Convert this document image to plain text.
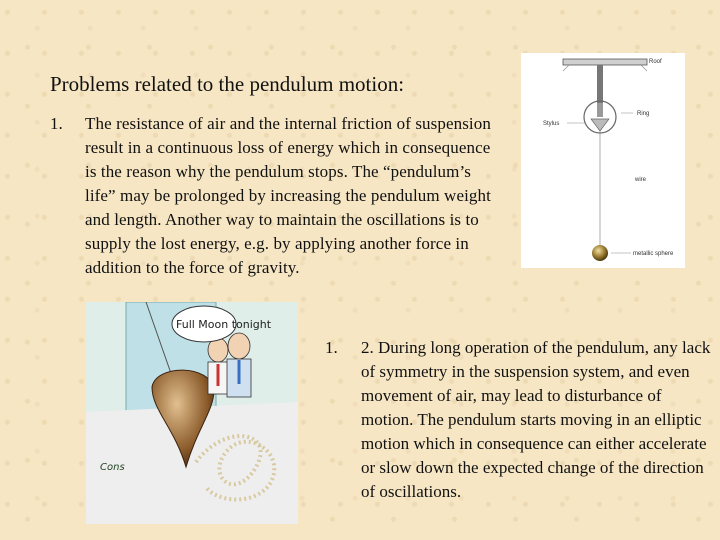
Problems related to the pendulum motion:
1. The resistance of air and the internal friction of suspension result in a continuous loss of energy which in consequence is the reason why the pendulum stops. The “pendulum’s life” may be prolonged by increasing the pendulum weight and length. Another way to maintain the oscillations is to supply the lost energy, e.g. by applying another force in addition to the force of gravity.
Roof
Ring
Stylus
wire
metallic sphere
Full Moon tonight
Cons
1. 2. During long operation of the pendulum, any lack of symmetry in the suspension system, and even movement of air, may lead to disturbance of motion. The pendulum starts moving in an elliptic motion which in consequence can either accelerate or slow down the expected change of the direction of oscillations.
